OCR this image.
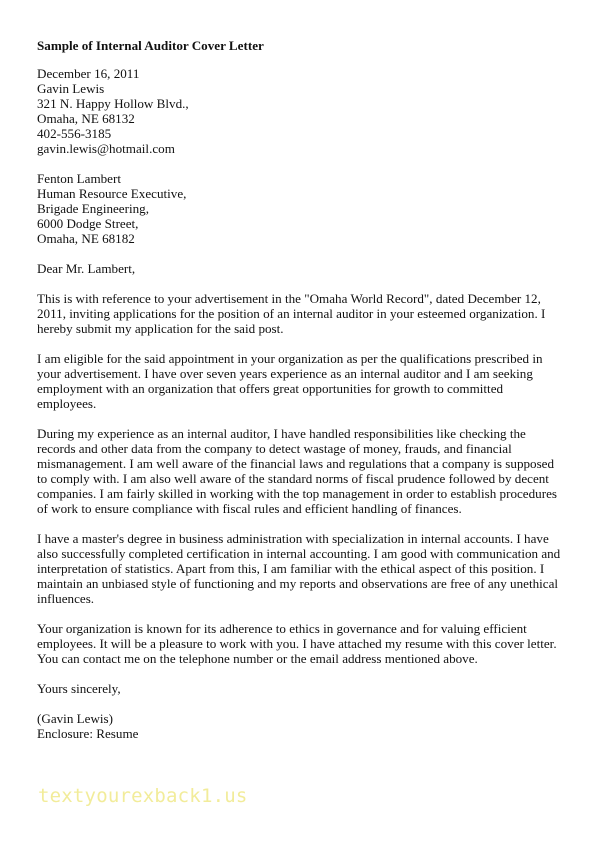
Sample of Internal Auditor Cover Letter
December 16, 2011
Gavin Lewis
321 N. Happy Hollow Blvd.,
Omaha, NE 68132
402-556-3185
gavin.lewis@hotmail.com
Fenton Lambert
Human Resource Executive,
Brigade Engineering,
6000 Dodge Street,
Omaha, NE 68182
Dear Mr. Lambert,
This is with reference to your advertisement in the "Omaha World Record", dated December 12,
2011, inviting applications for the position of an internal auditor in your esteemed organization. I
hereby submit my application for the said post.
I am eligible for the said appointment in your organization as per the qualifications prescribed in
your advertisement. I have over seven years experience as an internal auditor and I am seeking
employment with an organization that offers great opportunities for growth to committed
employees.
During my experience as an internal auditor, I have handled responsibilities like checking the
records and other data from the company to detect wastage of money, frauds, and financial
mismanagement. I am well aware of the financial laws and regulations that a company is supposed
to comply with. I am also well aware of the standard norms of fiscal prudence followed by decent
companies. I am fairly skilled in working with the top management in order to establish procedures
of work to ensure compliance with fiscal rules and efficient handling of finances.
I have a master's degree in business administration with specialization in internal accounts. I have
also successfully completed certification in internal accounting. I am good with communication and
interpretation of statistics. Apart from this, I am familiar with the ethical aspect of this position. I
maintain an unbiased style of functioning and my reports and observations are free of any unethical
influences.
Your organization is known for its adherence to ethics in governance and for valuing efficient
employees. It will be a pleasure to work with you. I have attached my resume with this cover letter.
You can contact me on the telephone number or the email address mentioned above.
Yours sincerely,
(Gavin Lewis)
Enclosure: Resume
textyourexback1.us
